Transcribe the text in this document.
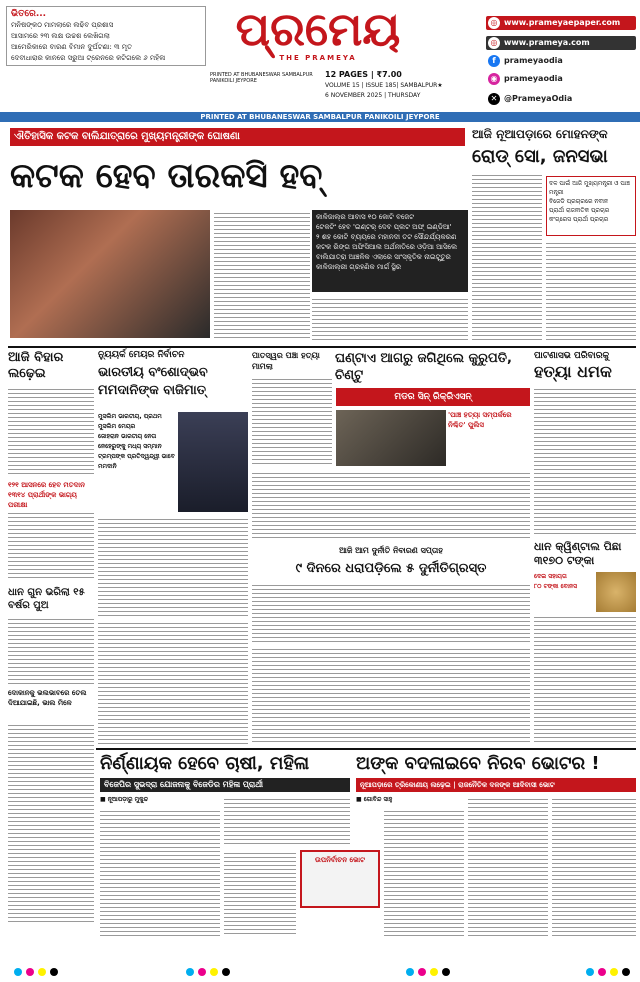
ଭିତରେ...
ମନିଷଙ୍କଠ ମାମଲାରେ ଲଢିବ ପ୍ରଶାସ
ଆସାମରେ ୨୩ ଲକ୍ଷ ଉଚ୍ଚଶ ଲେଖିଗଲା
ଆମେରିକାରେ ବାରଣ ବିମାନ ଦୁର୍ଘଟଣା: ୩ ମୃତ
ଦେବୀଧାରାର କାନରେ ସରୁଆ ଟ୍ରେନରେ କଟିଗଲେ ୬ ମହିଳା
ପ୍ରମେୟ
THE PRAMEYA
PRINTED AT BHUBANESWAR SAMBALPUR PANIKOILI JEYPORE
12 PAGES | ₹7.00
VOLUME 15 | ISSUE 185| SAMBALPUR★
6 NOVEMBER 2025 | THURSDAY
◎ www.prameyaepaper.com
◎ www.prameya.com
f	prameyaodia
◉ prameyaodia
✕ @PrameyaOdia
PRINTED AT BHUBANESWAR SAMBALPUR PANIKOILI JEYPORE
ଐତିହାସିକ କଟକ ବାଲିଯାତ୍ରାରେ ମୁଖ୍ୟମନ୍ତ୍ରୀଙ୍କ ଘୋଷଣା
କଟକ ହେବ ତାରକସି ହବ୍
କାଳିଜାଲ୍ର ଆବାସ ୧୦ କୋଟି ବଜେଟ
ଟେକଟିଂ ହେବ 'ଇଣ୍ଟର୍ ଦେବ ପ୍ଲଟ ଅଫ୍ ଇଣ୍ଡିଆ'
୨ ଶହ କୋଟି ବ୍ୟୟରେ ମହାନଦୀ ତଟ ସୌନ୍ଦର୍ଯ୍ୟକରଣ
କଟକ ରିଙ୍ଗ ଅଫିସିଆଲ ଅର୍ଥନୀତିରେ ଓଡ଼ିଆ ଆସିଲେ
ବାଲିଯାତ୍ରା ଆଞ୍ଚଳିକ ଏଲାରେ ସାଂସ୍କୃତିକ ନାଇଟ୍ସ୍ତୁର
କାଳିଜାଲ୍ରୀ ଗ୍ରହଣିକ ମାର୍ଗ ସ୍ଥିର
ଆଜି ନୂଆପଡ଼ାରେ ମୋହନଙ୍କ
ରୋଡ୍ ସୋ, ଜନସଭା
ଦଳ ପାଇଁ ଆଜି ମୁଖ୍ୟମନ୍ତ୍ରୀ ଓ ପାଞ୍ଚ ମନ୍ତ୍ରୀ
ବିଜେଡି ପ୍ରଚାରରେ ନବୀନ
ପ୍ରାର୍ଥୀ ରାଜନୀତିକ ପ୍ରଚାର
କଂଗ୍ରେସ ପ୍ରାର୍ଥୀ ପ୍ରଚାର
ଆଜି ବିହାର ଲଢ଼େଇ
୧୨୧ ଆସନରେ ହେବ ମତଦାନ
୧୩୧୪ ପ୍ରାର୍ଥୀଙ୍କ ଭାଗ୍ୟ ପରୀକ୍ଷା
ଧାନ ଗୁନ ଭରିଲା ୧୫ ବର୍ଷର ପୁଅ
ଦୋକାନକୁ ଭଲଭାବରେ ତେଲ ଦିଆଯାଇଛି, ଭାଲ ମିଳେ
ନ୍ୟୁୟର୍କ ମେୟର ନିର୍ବାଚନ
ଭାରତୀୟ ବଂଶୋଦ୍ଭବ ମମଦାନିଙ୍କ ବାଜିମାତ୍
ମୁସଲିମ ଭାରତୀୟ, ପ୍ରଥମ ମୁସଲିମ ମେୟର
ଜୋହରାନ ଭାରତୀୟ ନେତା
ନେହେରୁଙ୍କୁ ମଧ୍ୟ ସମ୍ମାନ
ଟ୍ରମ୍ପଙ୍କ ପ୍ରତିଦ୍ୱନ୍ଦ୍ୱୀ ଭାବେ ମମଦାନି
ପାତସ୍ୱର ପଞ୍ଚା ହତ୍ୟା ମାମଲା
ଘଣ୍ଟାଏ ଆଗରୁ ଜଗିଥିଲେ କୁରୁପତି, ଚିଣ୍ଟୁ
ମଡର ସିନ୍ ରିକ୍ରିଏସନ୍
'ପାଞ୍ଚ ହତ୍ୟା ସମ୍ପର୍କରେ ନିଶ୍ଚିତ' ପୁଲିସ
ପାଟଣାସଭ ପରିବାରକୁ
ହତ୍ୟା ଧମକ
ଆଜି ଆମ ଦୁର୍ନୀତି ନିବାରଣ ସପ୍ତାହ
୯ ଦିନରେ ଧରାପଡ଼ିଲେ ୫ ଦୁର୍ନୀତିଗ୍ରସ୍ତ
ଧାନ କ୍ୱିଣ୍ଟାଲ ପିଛା ୩୧୭୦ ଟଙ୍କା
ଦେଇ ସହାୟତା
୮୦ ଟଙ୍କା ବୋନସ
ନିର୍ଣ୍ଣାୟକ ହେବେ ଚାଷୀ, ମହିଳା
ବିଜେପିର ସୁଭଦ୍ରା ଯୋଜନାକୁ ବିଜେଡିର ମହିଳା ପ୍ରାର୍ଥୀ
■ ନୂଆପଡ଼ାରୁ ମୁକୁନ୍ଦ
ଉପନିର୍ବାଚନ ଭୋଟ
ଅଙ୍କ ବଦଳାଇବେ ନିରବ ଭୋଟର !
ନୂଆପଡ଼ାରେ ତ୍ରିକୋଣୀୟ ଲଢ଼େଇ | ରାଜନୈତିକ ଦଳଙ୍କ ଆଦିବାସୀ ଭୋଟ
■ ଗୋବିନ୍ଦ ସାହୁ
